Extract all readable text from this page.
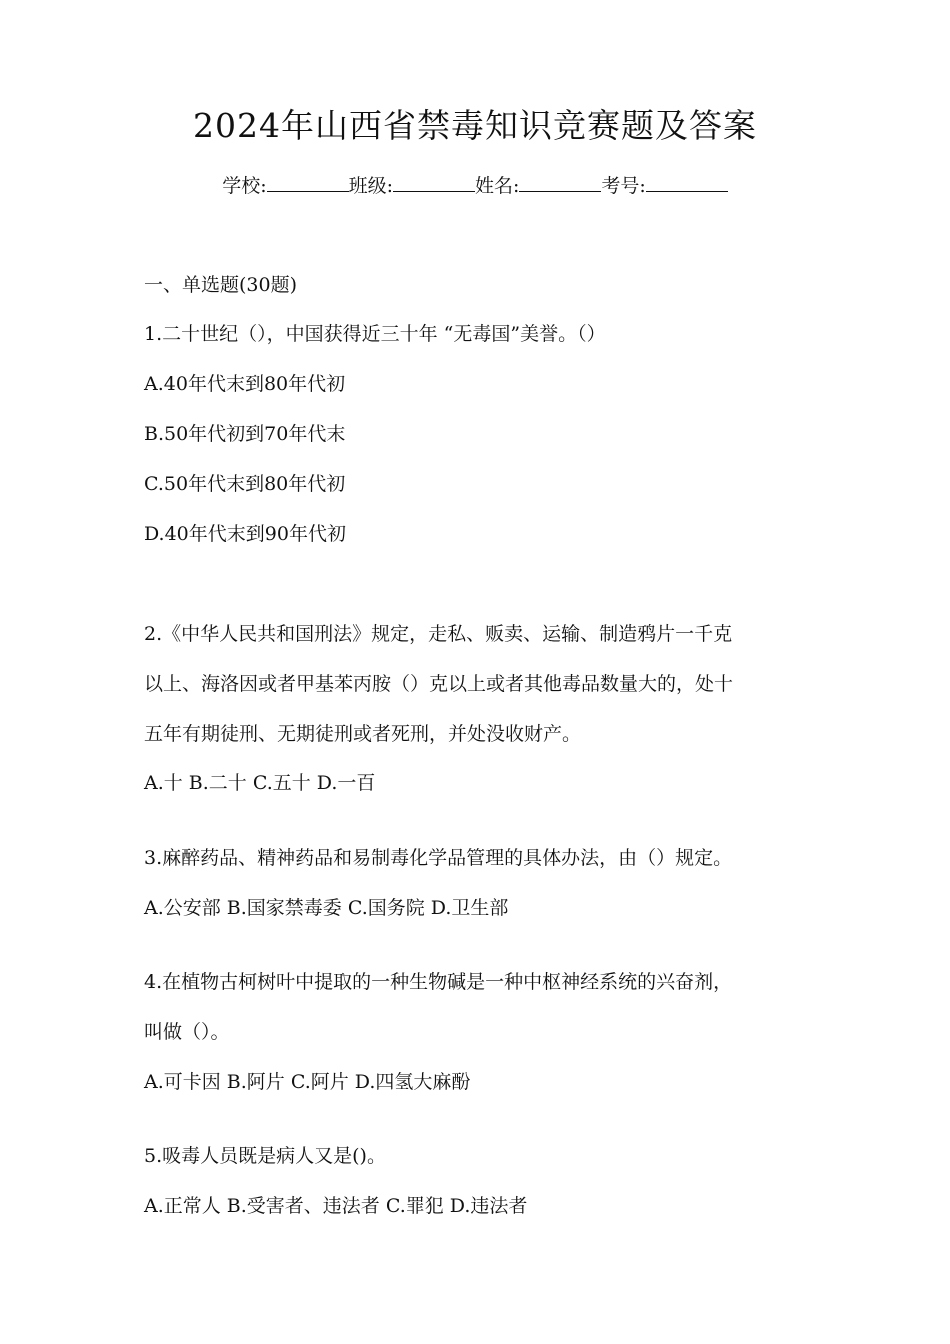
2024年山西省禁毒知识竞赛题及答案
学校:	班级:	姓名:	考号:
一、单选题(30题)
1.二十世纪（），中国获得近三十年 “无毒国”美誉。（）
A.40年代末到80年代初
B.50年代初到70年代末
C.50年代末到80年代初
D.40年代末到90年代初
2.《中华人民共和国刑法》规定，走私、贩卖、运输、制造鸦片一千克
以上、海洛因或者甲基苯丙胺（）克以上或者其他毒品数量大的，处十
五年有期徒刑、无期徒刑或者死刑，并处没收财产。
A.十 B.二十 C.五十 D.一百
3.麻醉药品、精神药品和易制毒化学品管理的具体办法，由（）规定。
A.公安部 B.国家禁毒委 C.国务院 D.卫生部
4.在植物古柯树叶中提取的一种生物碱是一种中枢神经系统的兴奋剂，
叫做（）。
A.可卡因 B.阿片 C.阿片 D.四氢大麻酚
5.吸毒人员既是病人又是()。
A.正常人 B.受害者、违法者 C.罪犯 D.违法者
